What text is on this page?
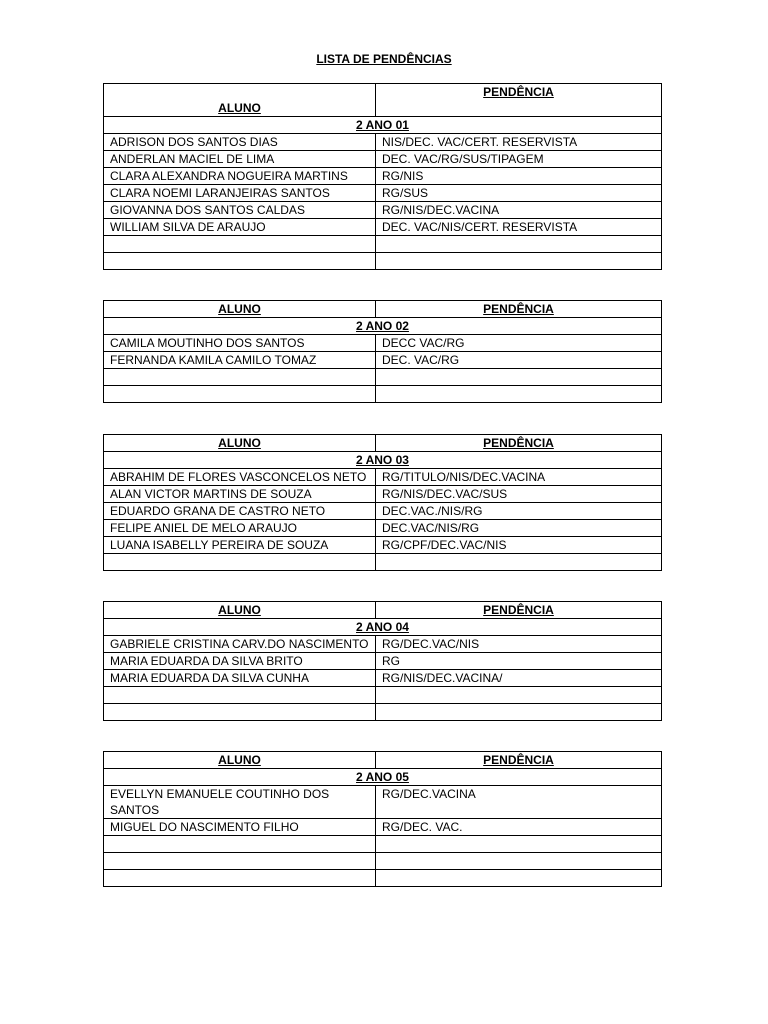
LISTA DE PENDÊNCIAS
ALUNO	PENDÊNCIA
2 ANO 01	
ADRISON DOS SANTOS DIAS	NIS/DEC. VAC/CERT. RESERVISTA
ANDERLAN MACIEL DE LIMA	DEC. VAC/RG/SUS/TIPAGEM
CLARA ALEXANDRA NOGUEIRA MARTINS	RG/NIS
CLARA NOEMI LARANJEIRAS SANTOS	RG/SUS
GIOVANNA DOS SANTOS CALDAS	RG/NIS/DEC.VACINA
WILLIAM SILVA DE ARAUJO	DEC. VAC/NIS/CERT. RESERVISTA

ALUNO	PENDÊNCIA
2 ANO 02	
CAMILA MOUTINHO DOS SANTOS	DECC VAC/RG
FERNANDA KAMILA CAMILO TOMAZ	DEC. VAC/RG

ALUNO	PENDÊNCIA
2 ANO 03	
ABRAHIM DE FLORES VASCONCELOS NETO	RG/TITULO/NIS/DEC.VACINA
ALAN VICTOR MARTINS DE SOUZA	RG/NIS/DEC.VAC/SUS
EDUARDO GRANA DE CASTRO NETO	DEC.VAC./NIS/RG
FELIPE ANIEL DE MELO ARAUJO	DEC.VAC/NIS/RG
LUANA ISABELLY PEREIRA DE SOUZA	RG/CPF/DEC.VAC/NIS

ALUNO	PENDÊNCIA
2 ANO 04	
GABRIELE CRISTINA CARV.DO NASCIMENTO	RG/DEC.VAC/NIS
MARIA EDUARDA DA SILVA BRITO	RG
MARIA EDUARDA DA SILVA CUNHA	RG/NIS/DEC.VACINA/

ALUNO	PENDÊNCIA
2 ANO 05	
EVELLYN EMANUELE COUTINHO DOS SANTOS	RG/DEC.VACINA
MIGUEL DO NASCIMENTO FILHO	RG/DEC. VAC.
